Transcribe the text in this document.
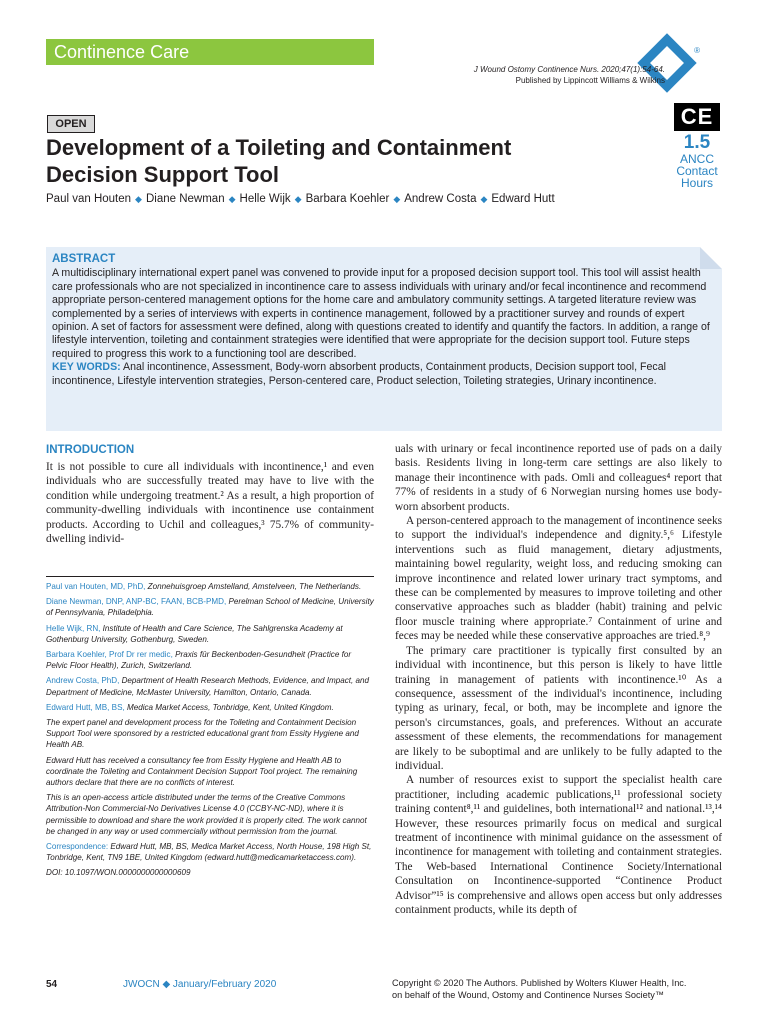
Continence Care	®
J Wound Ostomy Continence Nurs. 2020;47(1):54-64.
Published by Lippincott Williams & Wilkins
OPEN
Development of a Toileting and Containment Decision Support Tool
Paul van Houten ◆ Diane Newman ◆ Helle Wijk ◆ Barbara Koehler ◆ Andrew Costa ◆ Edward Hutt
CE
1.5
ANCC
Contact
Hours
ABSTRACT
A multidisciplinary international expert panel was convened to provide input for a proposed decision support tool. This tool will assist health care professionals who are not specialized in incontinence care to assess individuals with urinary and/or fecal incontinence and recommend appropriate person-centered management options for the home care and ambulatory community settings. A targeted literature review was complemented by a series of interviews with experts in continence management, followed by a practitioner survey and rounds of expert opinion. A set of factors for assessment were defined, along with questions created to identify and quantify the factors. In addition, a range of lifestyle intervention, toileting and containment strategies were identified that were appropriate for the decision support tool. Future steps required to progress this work to a functioning tool are described.
KEY WORDS: Anal incontinence, Assessment, Body-worn absorbent products, Containment products, Decision support tool, Fecal incontinence, Lifestyle intervention strategies, Person-centered care, Product selection, Toileting strategies, Urinary incontinence.
INTRODUCTION
It is not possible to cure all individuals with incontinence,¹ and even individuals who are successfully treated may have to live with the condition while undergoing treatment.² As a result, a high proportion of community-dwelling individuals with incontinence use containment products. According to Uchil and colleagues,³ 75.7% of community-dwelling individ-

Paul van Houten, MD, PhD, Zonnehuisgroep Amstelland, Amstelveen, The Netherlands.

Diane Newman, DNP, ANP-BC, FAAN, BCB-PMD, Perelman School of Medicine, University of Pennsylvania, Philadelphia.

Helle Wijk, RN, Institute of Health and Care Science, The Sahlgrenska Academy at Gothenburg University, Gothenburg, Sweden.

Barbara Koehler, Prof Dr rer medic, Praxis für Beckenboden-Gesundheit (Practice for Pelvic Floor Health), Zurich, Switzerland.

Andrew Costa, PhD, Department of Health Research Methods, Evidence, and Impact, and Department of Medicine, McMaster University, Hamilton, Ontario, Canada.

Edward Hutt, MB, BS, Medica Market Access, Tonbridge, Kent, United Kingdom.

The expert panel and development process for the Toileting and Containment Decision Support Tool were sponsored by a restricted educational grant from Essity Hygiene and Health AB.

Edward Hutt has received a consultancy fee from Essity Hygiene and Health AB to coordinate the Toileting and Containment Decision Support Tool project. The remaining authors declare that there are no conflicts of interest.

This is an open-access article distributed under the terms of the Creative Commons Attribution-Non Commercial-No Derivatives License 4.0 (CCBY-NC-ND), where it is permissible to download and share the work provided it is properly cited. The work cannot be changed in any way or used commercially without permission from the journal.

Correspondence: Edward Hutt, MB, BS, Medica Market Access, North House, 198 High St, Tonbridge, Kent, TN9 1BE, United Kingdom (edward.hutt@medicamarketaccess.com).

DOI: 10.1097/WON.0000000000000609

uals with urinary or fecal incontinence reported use of pads on a daily basis. Residents living in long-term care settings are also likely to manage their incontinence with pads. Omli and colleagues⁴ report that 77% of residents in a study of 6 Norwegian nursing homes use body-worn absorbent products.

A person-centered approach to the management of incontinence seeks to support the individual's independence and dignity.⁵,⁶ Lifestyle interventions such as fluid management, dietary adjustments, maintaining bowel regularity, weight loss, and reducing smoking can improve incontinence and related lower urinary tract symptoms, and these can be complemented by measures to improve toileting and other conservative approaches such as bladder (habit) training and pelvic floor muscle training where appropriate.⁷ Containment of urine and feces may be needed while these conservative approaches are tried.⁸,⁹

The primary care practitioner is typically first consulted by an individual with incontinence, but this person is likely to have little training in management of patients with incontinence.¹⁰ As a consequence, assessment of the individual's incontinence, including typing as urinary, fecal, or both, may be incomplete and ignore the person's circumstances, goals, and preferences. Without an accurate assessment of these elements, the recommendations for management are likely to be suboptimal and are unlikely to be fully adapted to the individual.

A number of resources exist to support the specialist health care practitioner, including academic publications,¹¹ professional society training content⁸,¹¹ and guidelines, both international¹² and national.¹³,¹⁴ However, these resources primarily focus on medical and surgical treatment of incontinence with minimal guidance on the assessment of incontinence for management with toileting and containment strategies. The Web-based International Continence Society/International Consultation on Incontinence-supported “Continence Product Advisor”¹⁵ is comprehensive and allows open access but only addresses containment products, while its depth of

54	JWOCN ◆ January/February 2020	Copyright © 2020 The Authors. Published by Wolters Kluwer Health, Inc.
on behalf of the Wound, Ostomy and Continence Nurses Society™
